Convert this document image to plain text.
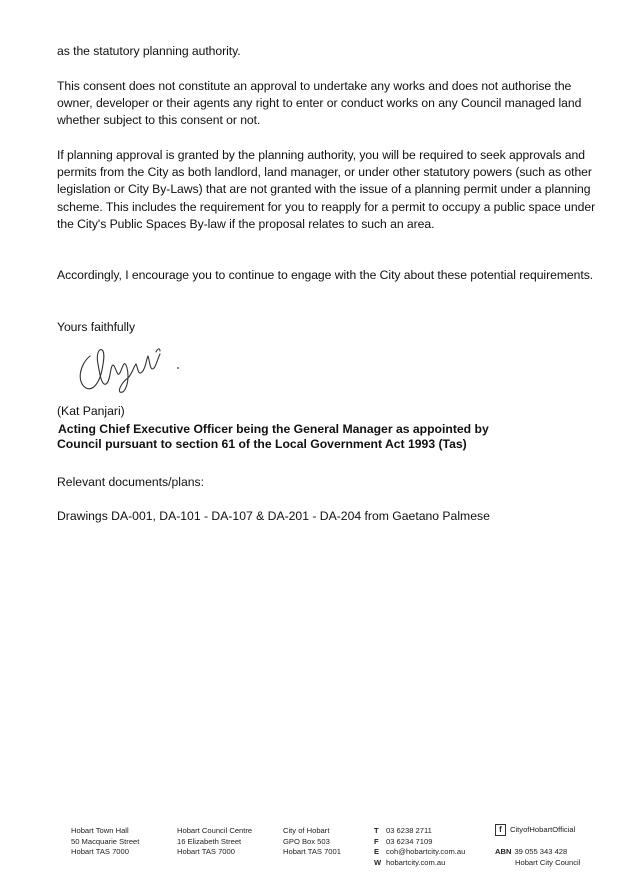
as the statutory planning authority.

This consent does not constitute an approval to undertake any works and does not authorise the owner, developer or their agents any right to enter or conduct works on any Council managed land whether subject to this consent or not.

If planning approval is granted by the planning authority, you will be required to seek approvals and permits from the City as both landlord, land manager, or under other statutory powers (such as other legislation or City By-Laws) that are not granted with the issue of a planning permit under a planning scheme. This includes the requirement for you to reapply for a permit to occupy a public space under the City's Public Spaces By-law if the proposal relates to such an area.

Accordingly, I encourage you to continue to engage with the City about these potential requirements.

Yours faithfully
(Kat Panjari)
Acting Chief Executive Officer being the General Manager as appointed by
Council pursuant to section 61 of the Local Government Act 1993 (Tas)
Relevant documents/plans:
Drawings DA-001, DA-101 - DA-107 & DA-201 - DA-204 from Gaetano Palmese
Hobart Town Hall
50 Macquarie Street
Hobart TAS 7000
Hobart Council Centre
16 Elizabeth Street
Hobart TAS 7000
City of Hobart
GPO Box 503
Hobart TAS 7001
T 03 6238 2711
F 03 6234 7109
E coh@hobartcity.com.au
W hobartcity.com.au
f	CityofHobartOfficial
ABN 39 055 343 428
Hobart City Council
